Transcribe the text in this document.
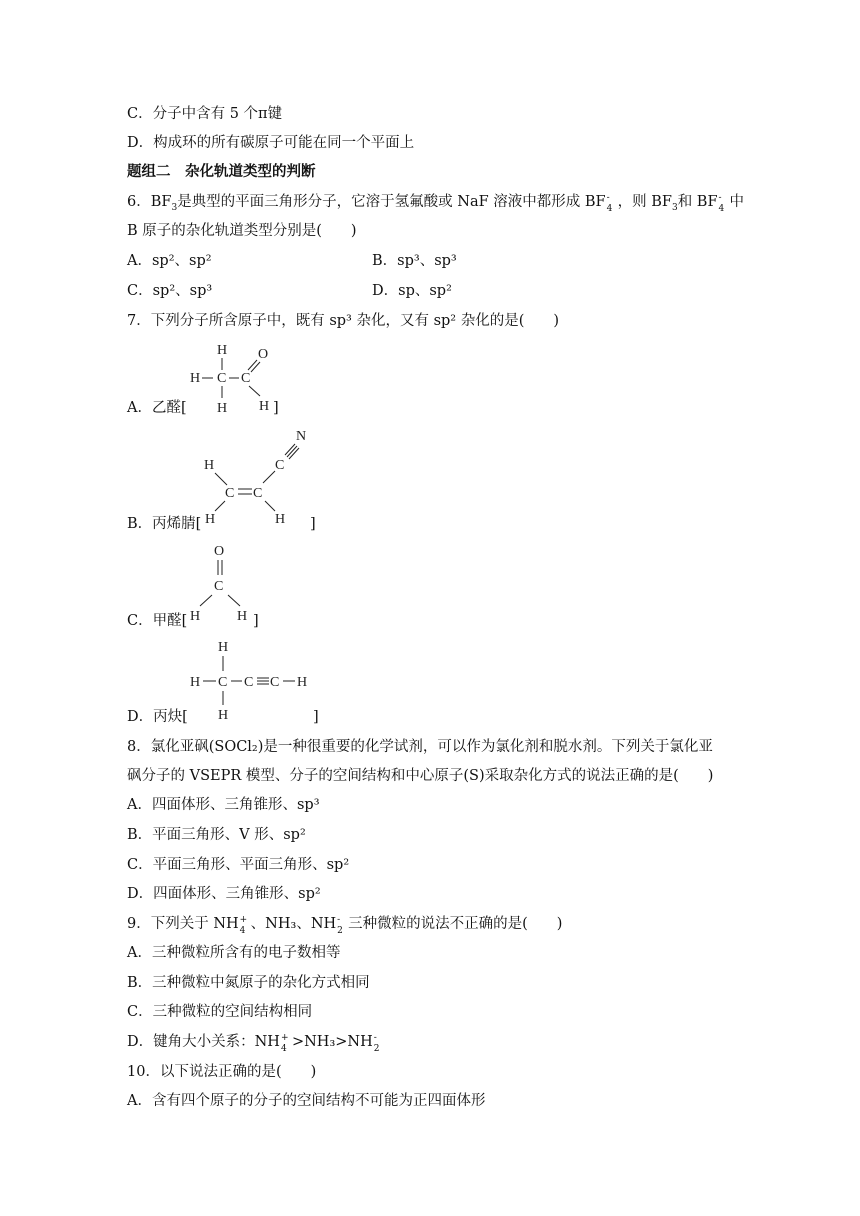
C．分子中含有 5 个π键
D．构成环的所有碳原子可能在同一个平面上
题组二　杂化轨道类型的判断
6．$BF_3$是典型的平面三角形分子，它溶于氢氟酸或 NaF 溶液中都形成 BF -
4 ，则 $BF_3$和 BF -
4 中
B 原子的杂化轨道类型分别是(　　)
A．sp²、sp²	B．sp³、sp³
C．sp²、sp³	D．sp、sp²
7．下列分子所含原子中，既有 sp³ 杂化，又有 sp² 杂化的是(　　)
A．乙醛[
H
H C C
O
H H ]
B．丙烯腈[
N
C
H
C C
H	H ]
C．甲醛[
O
C
H	H ]
D．丙炔[
H
H C C C H
H	]
8．氯化亚砜(SOCl₂)是一种很重要的化学试剂，可以作为氯化剂和脱水剂。下列关于氯化亚
砜分子的 VSEPR 模型、分子的空间结构和中心原子(S)采取杂化方式的说法正确的是(　　)
A．四面体形、三角锥形、sp³
B．平面三角形、V 形、sp²
C．平面三角形、平面三角形、sp²
D．四面体形、三角锥形、sp²
9．下列关于 NH +
4 、NH₃、NH -
2 三种微粒的说法不正确的是(　　)
A．三种微粒所含有的电子数相等
B．三种微粒中氮原子的杂化方式相同
C．三种微粒的空间结构相同
D．键角大小关系：NH +
4 >NH₃>NH -
2
10．以下说法正确的是(　　)
A．含有四个原子的分子的空间结构不可能为正四面体形
